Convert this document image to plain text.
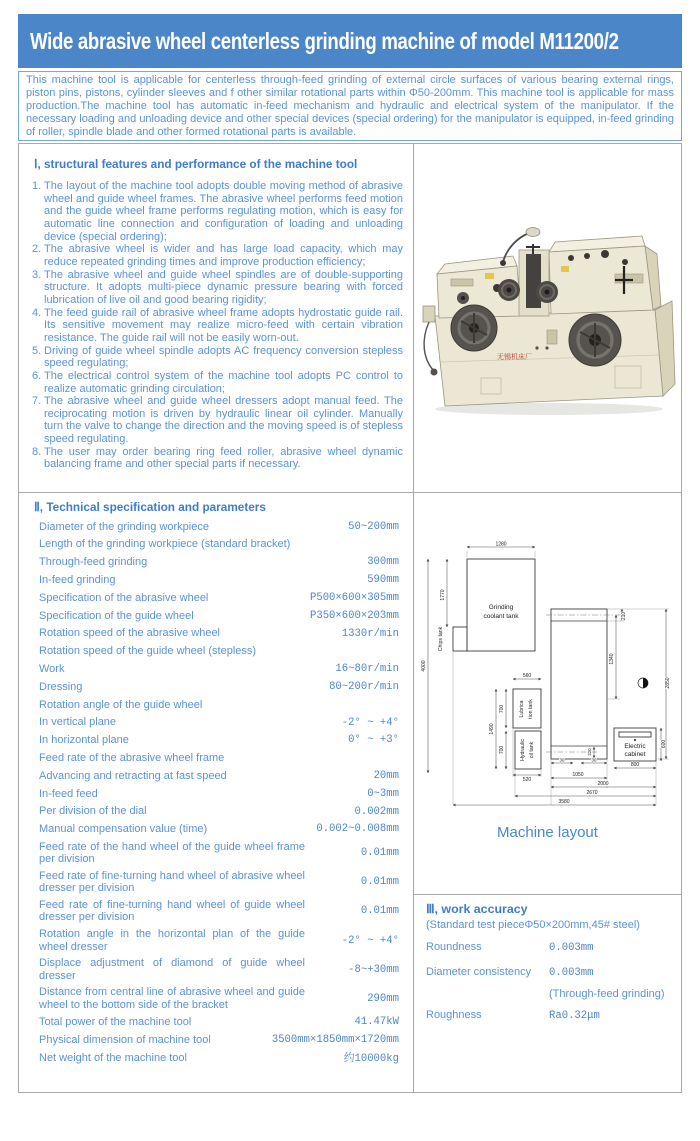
Wide abrasive wheel centerless grinding machine of model M11200/2

This machine tool is applicable for centerless through-feed grinding of external circle surfaces of various bearing external rings, piston pins, pistons, cylinder sleeves and f other similar rotational parts within Φ50-200mm. This machine tool is applicable for mass production.The machine tool has automatic in-feed mechanism and hydraulic and electrical system of the manipulator. If the necessary loading and unloading device and other special devices (special ordering) for the manipulator is equipped, in-feed grinding of roller, spindle blade and other formed rotational parts is available.

Ⅰ, structural features and performance of the machine tool
1. The layout of the machine tool adopts double moving method of abrasive wheel and guide wheel frames. The abrasive wheel performs feed motion and the guide wheel frame performs regulating motion, which is easy for automatic line connection and configuration of loading and unloading device (special ordering);
2. The abrasive wheel is wider and has large load capacity, which may reduce repeated grinding times and improve production efficiency;
3. The abrasive wheel and guide wheel spindles are of double-supporting structure. It adopts multi-piece dynamic pressure bearing with forced lubrication of live oil and good bearing rigidity;
4. The feed guide rail of abrasive wheel frame adopts hydrostatic guide rail. Its sensitive movement may realize micro-feed with certain vibration resistance. The guide rail will not be easily worn-out.
5. Driving of guide wheel spindle adopts AC frequency conversion stepless speed regulating;
6. The electrical control system of the machine tool adopts PC control to realize automatic grinding circulation;
7. The abrasive wheel and guide wheel dressers adopt manual feed. The reciprocating motion is driven by hydraulic linear oil cylinder. Manually turn the valve to change the direction and the moving speed is of stepless speed regulating.
8. The user may order bearing ring feed roller, abrasive wheel dynamic balancing frame and other special parts if necessary.
Ⅱ, Technical specification and parameters
Diameter of the grinding workpiece	50~200mm
Length of the grinding workpiece (standard bracket)
Through-feed grinding	300mm
In-feed grinding	590mm
Specification of the abrasive wheel	P500×600×305mm
Specification of the guide wheel	P350×600×203mm
Rotation speed of the abrasive wheel	1330r/min
Rotation speed of the guide wheel (stepless)
Work	16~80r/min
Dressing	80~200r/min
Rotation angle of the guide wheel
In vertical plane	-2° ~ +4°
In horizontal plane	0° ~ +3°
Feed rate of the abrasive wheel frame
Advancing and retracting at fast speed	20mm
In-feed feed	0~3mm
Per division of the dial	0.002mm
Manual compensation value (time)	0.002~0.008mm
Feed rate of the hand wheel of the guide wheel frame per division	0.01mm
Feed rate of fine-turning hand wheel of abrasive wheel dresser per division	0.01mm
Feed rate of fine-turning hand wheel of guide wheel dresser per division	0.01mm
Rotation angle in the horizontal plan of the guide wheel dresser	-2° ~ +4°
Displace adjustment of diamond of guide wheel dresser	-8~+30mm
Distance from central line of abrasive wheel and guide wheel to the bottom side of the bracket	290mm
Total power of the machine tool	41.47kW
Physical dimension of machine tool	3500mm×1850mm×1720mm
Net weight of the machine tool	约10000kg
无锡机床厂
Grinding
coolant tank
Chips tank
Lubrica tion tank
Hydraulic oil tank	Electric
cabinet
1280
1770
4000
210
1340
2850
560
700
1490
700
520
600
800
30	30
1050
2000
2670
3580
220
Machine layout
Ⅲ, work accuracy
(Standard test pieceΦ50×200mm,45# steel)
Roundness	0.003mm
Diameter consistency	0.003mm
(Through-feed grinding)
Roughness	Ra0.32μm
